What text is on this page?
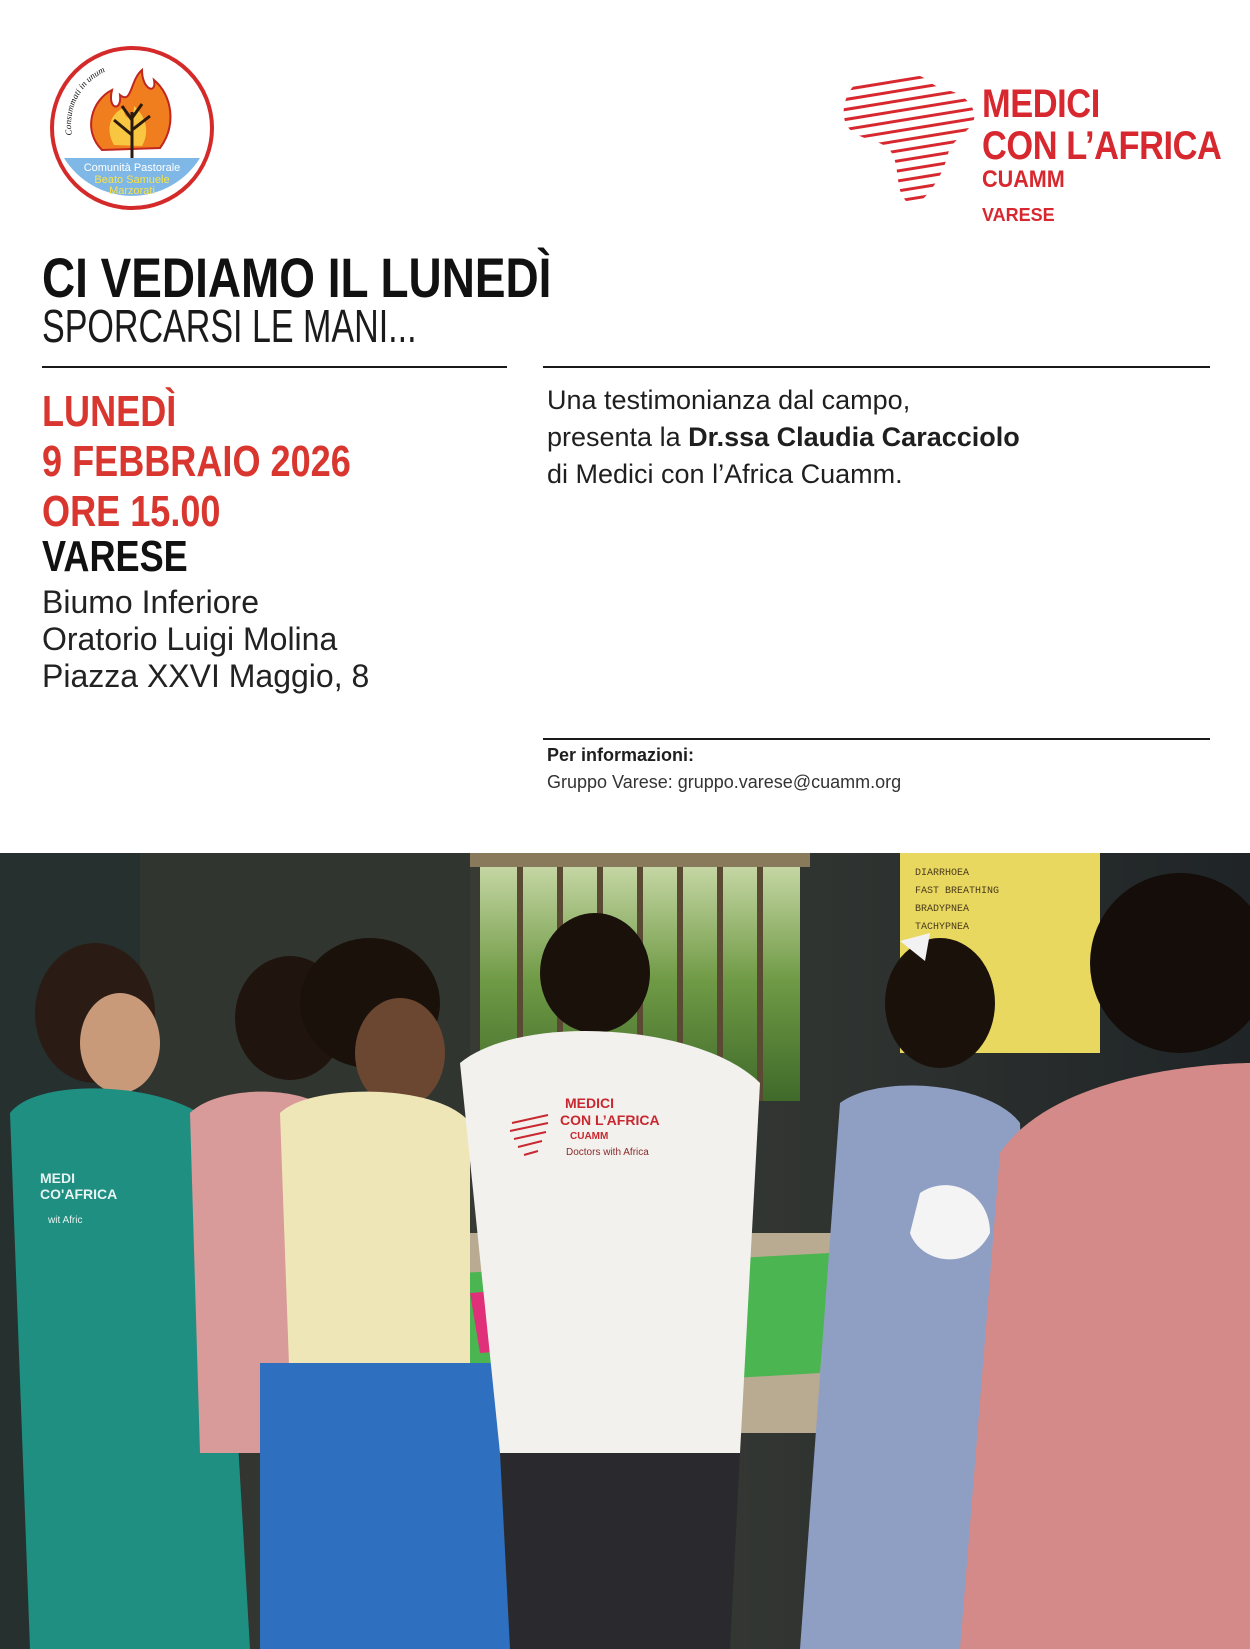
Consummati in unum
Comunità Pastorale
Beato Samuele
Marzorati
VARESE
MEDICI
CON L’AFRICA
CUAMM
VARESE
CI VEDIAMO IL LUNEDÌ
SPORCARSI LE MANI...
LUNEDÌ
9 FEBBRAIO 2026
ORE 15.00
VARESE
Biumo Inferiore
Oratorio Luigi Molina
Piazza XXVI Maggio, 8
Una testimonianza dal campo,
presenta la Dr.ssa Claudia Caracciolo
di Medici con l’Africa Cuamm.
Per informazioni:
Gruppo Varese: gruppo.varese@cuamm.org
DIARRHOEA
FAST BREATHING
BRADYPNEA
TACHYPNEA
MEDI
CO'AFRICA
wit Afric
MEDICI
CON L’AFRICA
CUAMM
Doctors with Africa
